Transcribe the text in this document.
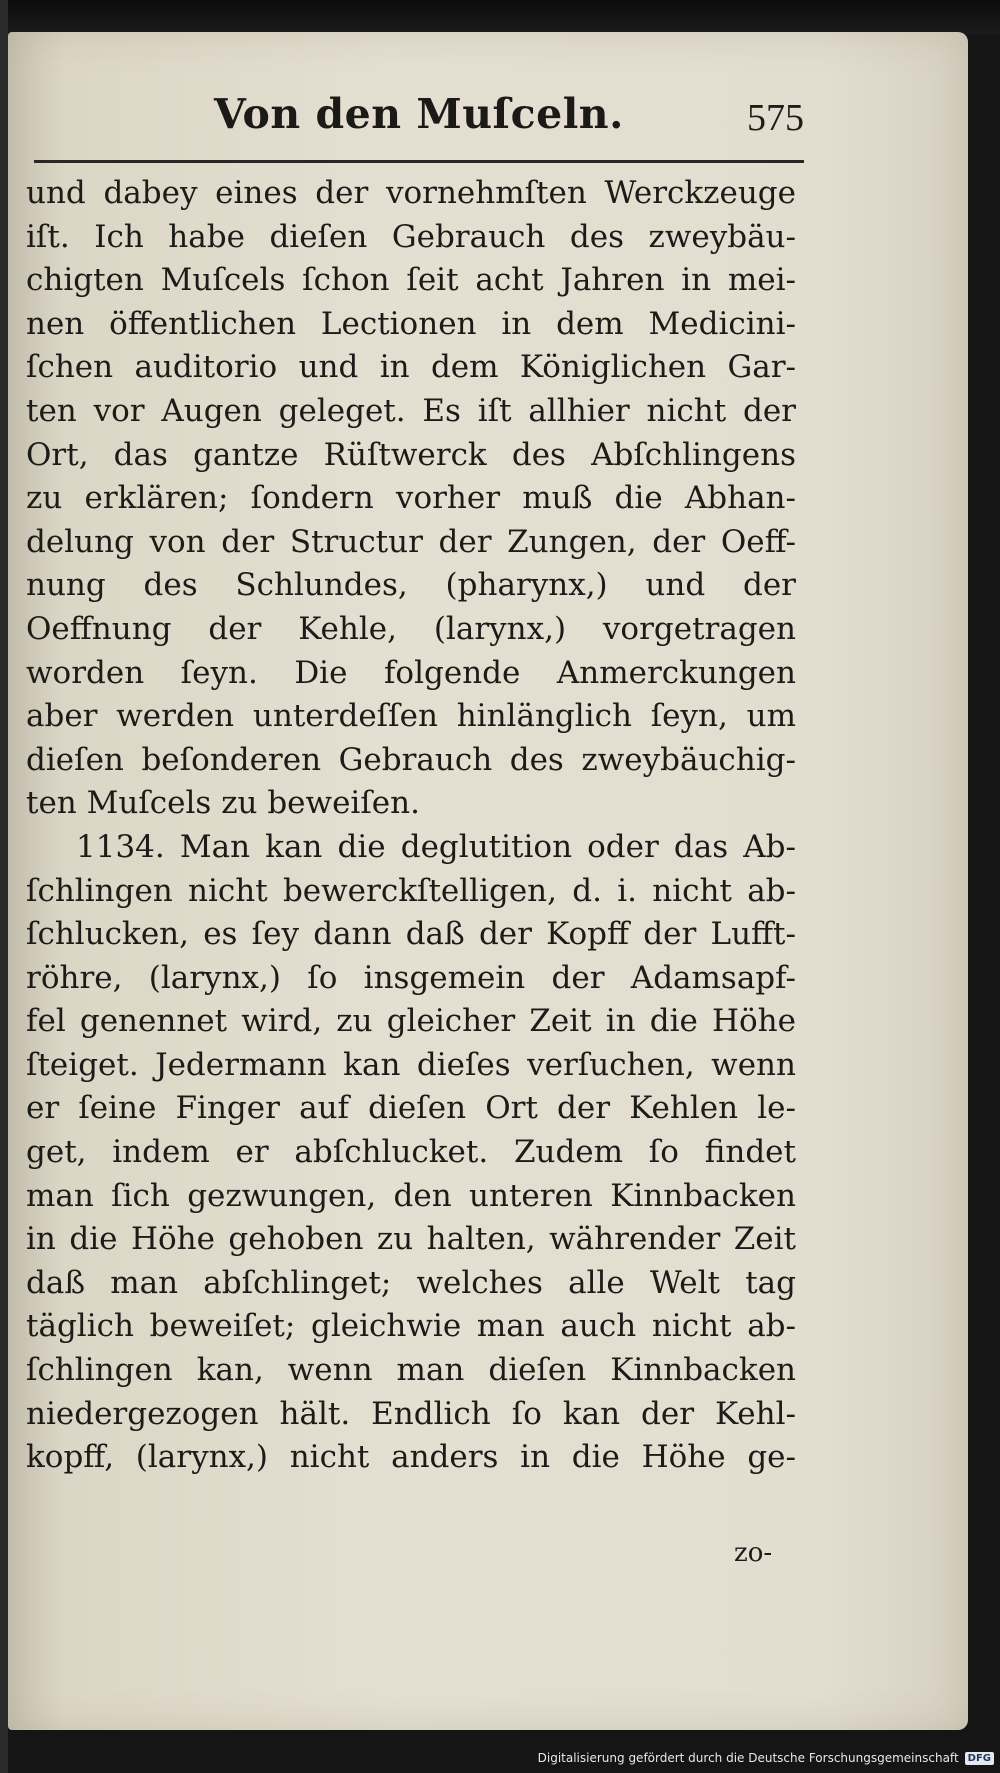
Von den Muſceln.	575
und dabey eines der vornehmſten Werckzeuge
iſt. Ich habe dieſen Gebrauch des zweybäu-
chigten Muſcels ſchon ſeit acht Jahren in mei-
nen öffentlichen Lectionen in dem Medicini-
ſchen auditorio und in dem Königlichen Gar-
ten vor Augen geleget. Es iſt allhier nicht der
Ort, das gantze Rüſtwerck des Abſchlingens
zu erklären; ſondern vorher muß die Abhan-
delung von der Structur der Zungen, der Oeff-
nung des Schlundes, (pharynx,) und der
Oeffnung der Kehle, (larynx,) vorgetragen
worden ſeyn. Die folgende Anmerckungen
aber werden unterdeſſen hinlänglich ſeyn, um
dieſen beſonderen Gebrauch des zweybäuchig-
ten Muſcels zu beweiſen.
1134. Man kan die deglutition oder das Ab-
ſchlingen nicht bewerckſtelligen, d. i. nicht ab-
ſchlucken, es ſey dann daß der Kopff der Lufft-
röhre, (larynx,) ſo insgemein der Adamsapf-
fel genennet wird, zu gleicher Zeit in die Höhe
ſteiget. Jedermann kan dieſes verſuchen, wenn
er ſeine Finger auf dieſen Ort der Kehlen le-
get, indem er abſchlucket. Zudem ſo findet
man ſich gezwungen, den unteren Kinnbacken
in die Höhe gehoben zu halten, währender Zeit
daß man abſchlinget; welches alle Welt tag
täglich beweiſet; gleichwie man auch nicht ab-
ſchlingen kan, wenn man dieſen Kinnbacken
niedergezogen hält. Endlich ſo kan der Kehl-
kopff, (larynx,) nicht anders in die Höhe ge-
zo-
Digitalisierung gefördert durch die Deutsche Forschungsgemeinschaft DFG
